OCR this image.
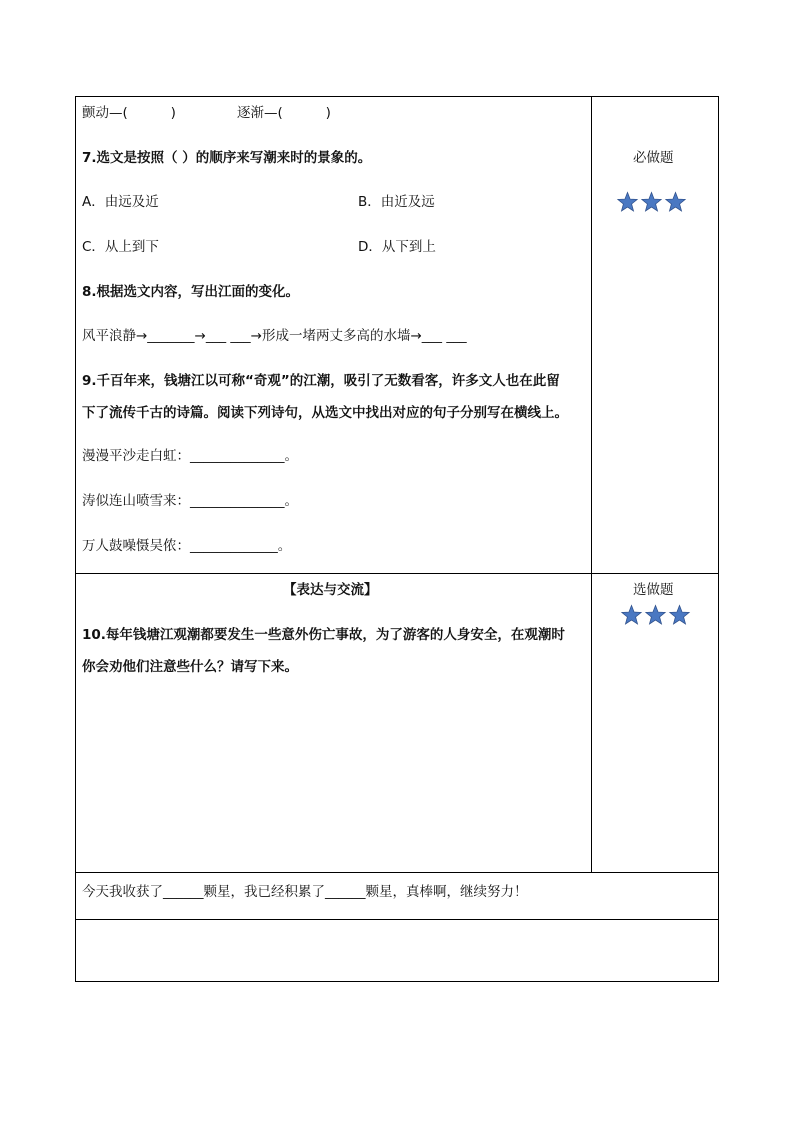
颤动—(          )	逐渐—(          )
7.选文是按照（ ）的顺序来写潮来时的景象的。
A．由远及近	B．由近及远
C．从上到下	D．从下到上
8.根据选文内容，写出江面的变化。
风平浪静→_______→___ ___→形成一堵两丈多高的水墙→___ ___
9.千百年来，钱塘江以可称“奇观”的江潮，吸引了无数看客，许多文人也在此留
下了流传千古的诗篇。阅读下列诗句，从选文中找出对应的句子分别写在横线上。
漫漫平沙走白虹：______________。
涛似连山喷雪来：______________。
万人鼓噪慑吴侬：_____________。
必做题
【表达与交流】
10.每年钱塘江观潮都要发生一些意外伤亡事故，为了游客的人身安全，在观潮时
你会劝他们注意些什么？请写下来。
选做题
今天我收获了______颗星，我已经积累了______颗星，真棒啊，继续努力！
